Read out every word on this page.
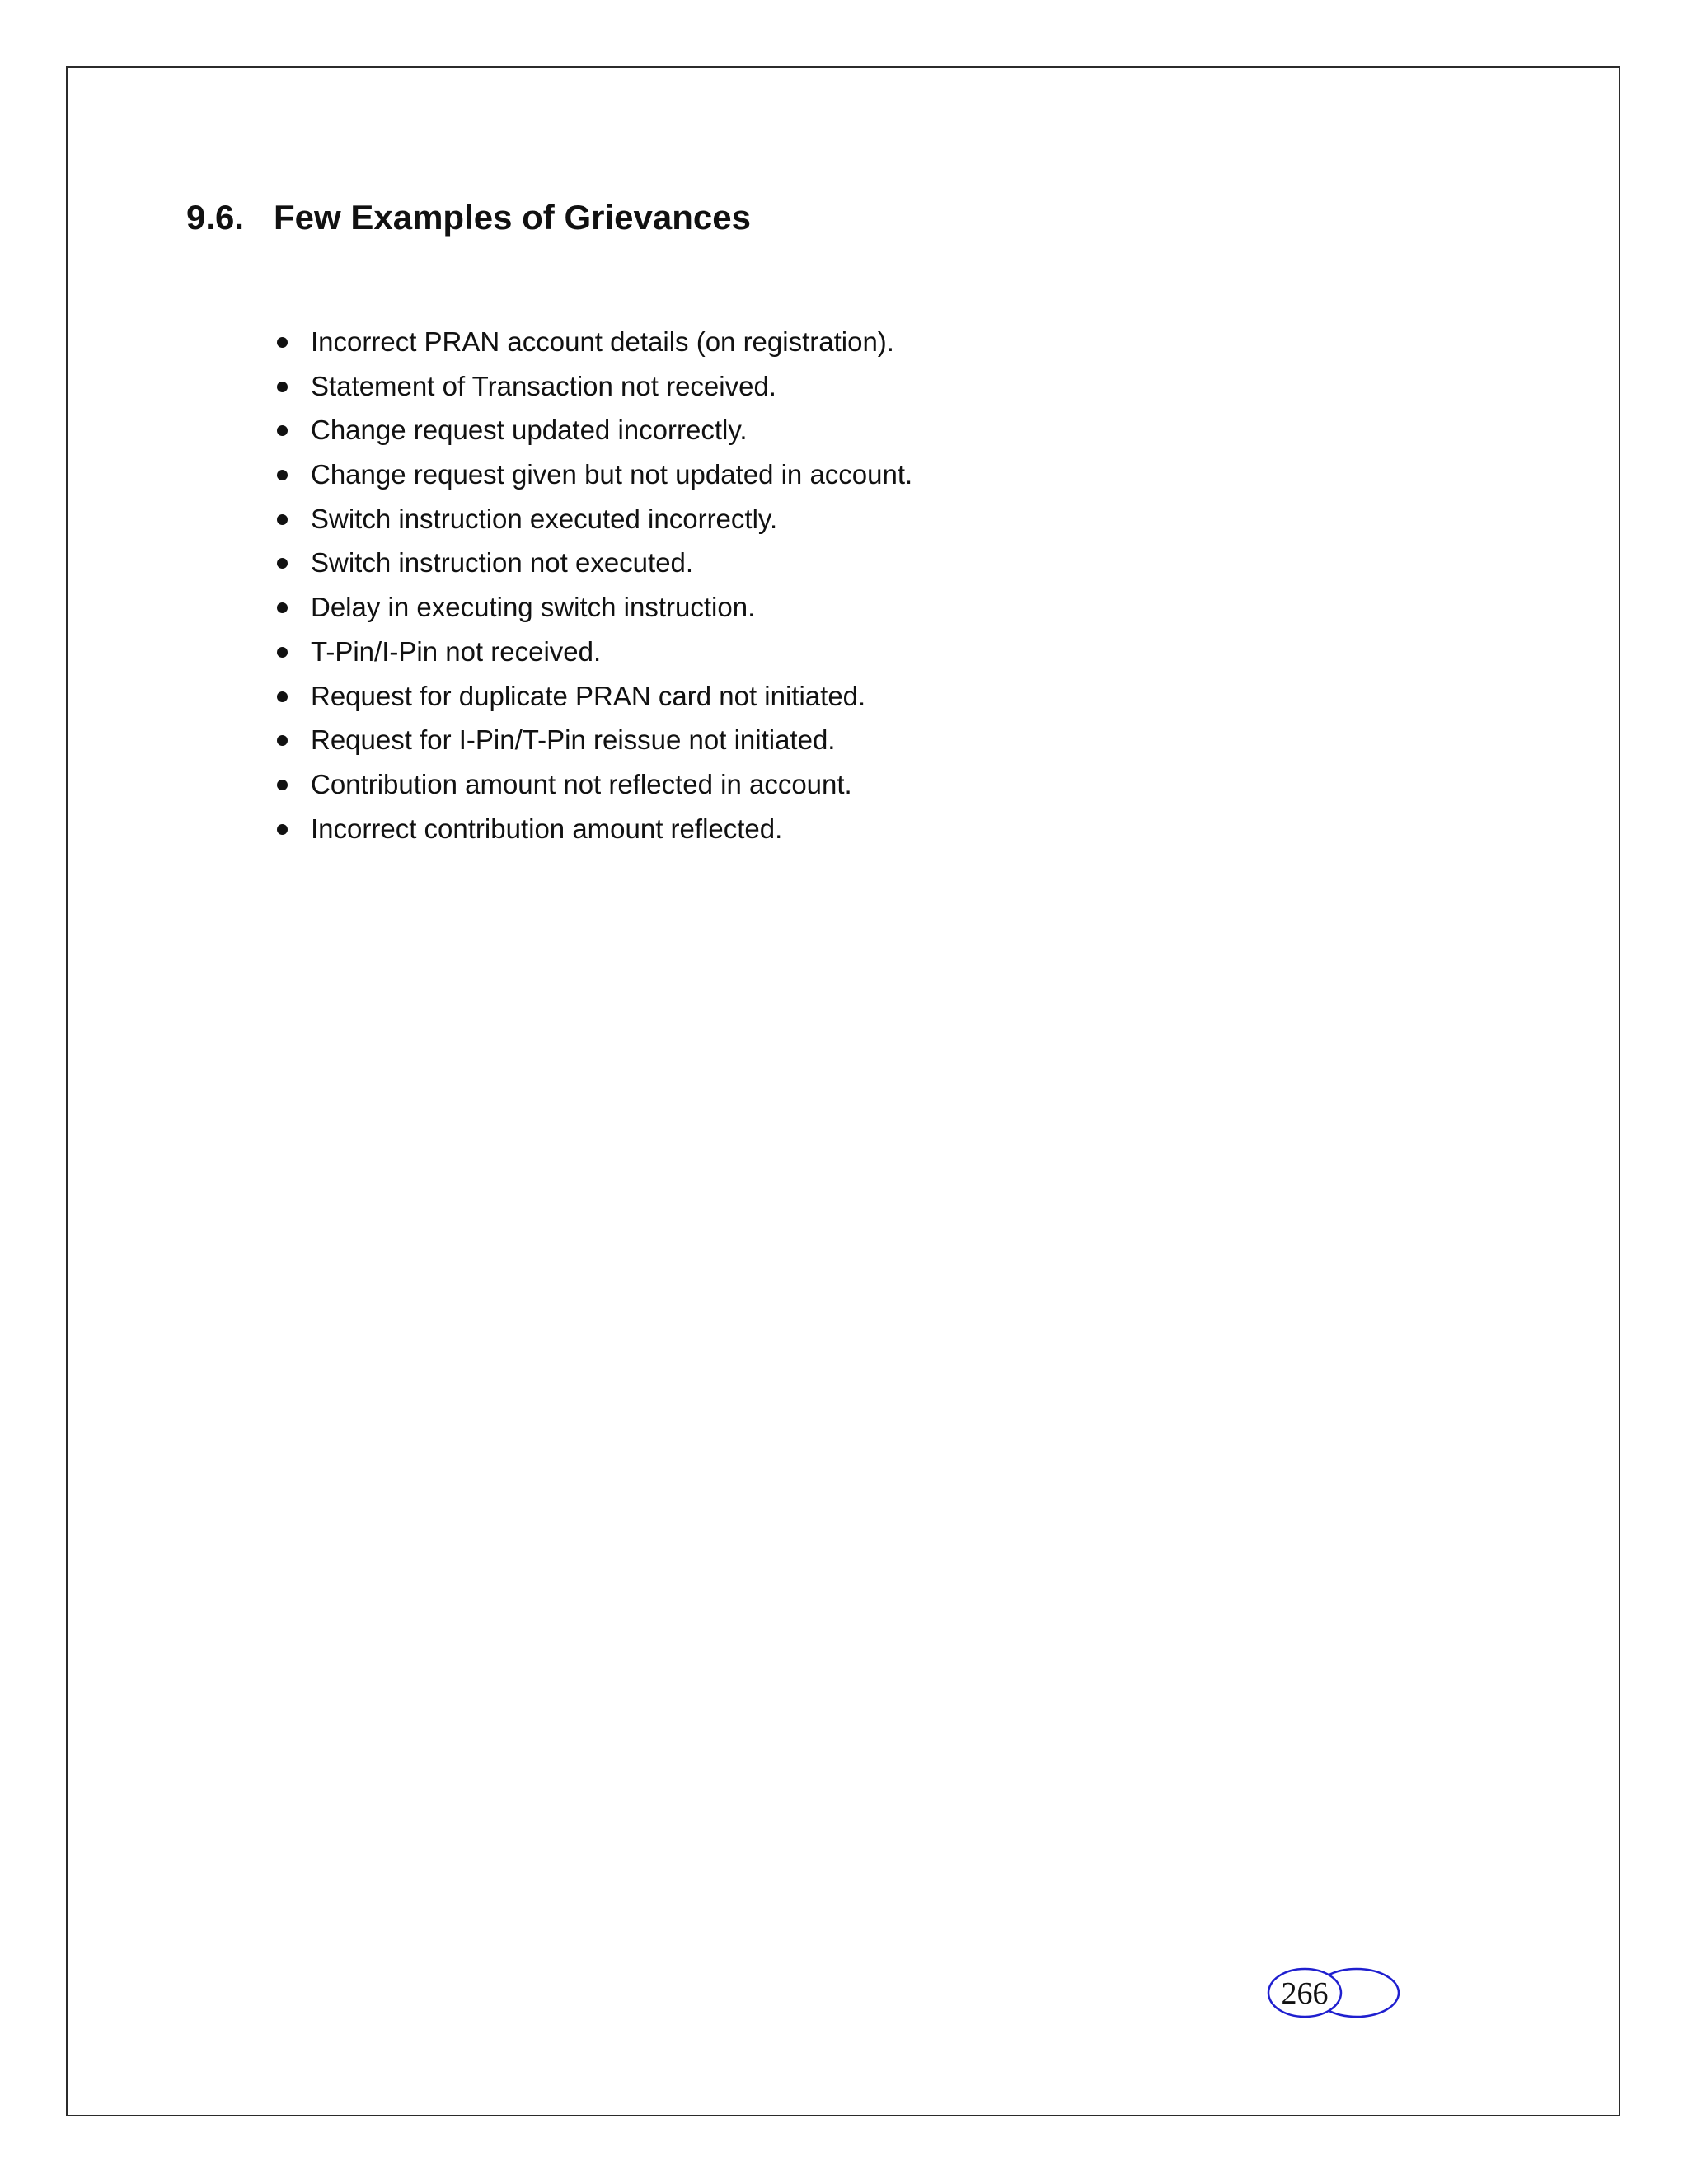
9.6. Few Examples of Grievances
Incorrect PRAN account details (on registration).
Statement of Transaction not received.
Change request updated incorrectly.
Change request given but not updated in account.
Switch instruction executed incorrectly.
Switch instruction not executed.
Delay in executing switch instruction.
T-Pin/I-Pin not received.
Request for duplicate PRAN card not initiated.
Request for I-Pin/T-Pin reissue not initiated.
Contribution amount not reflected in account.
Incorrect contribution amount reflected.
266
